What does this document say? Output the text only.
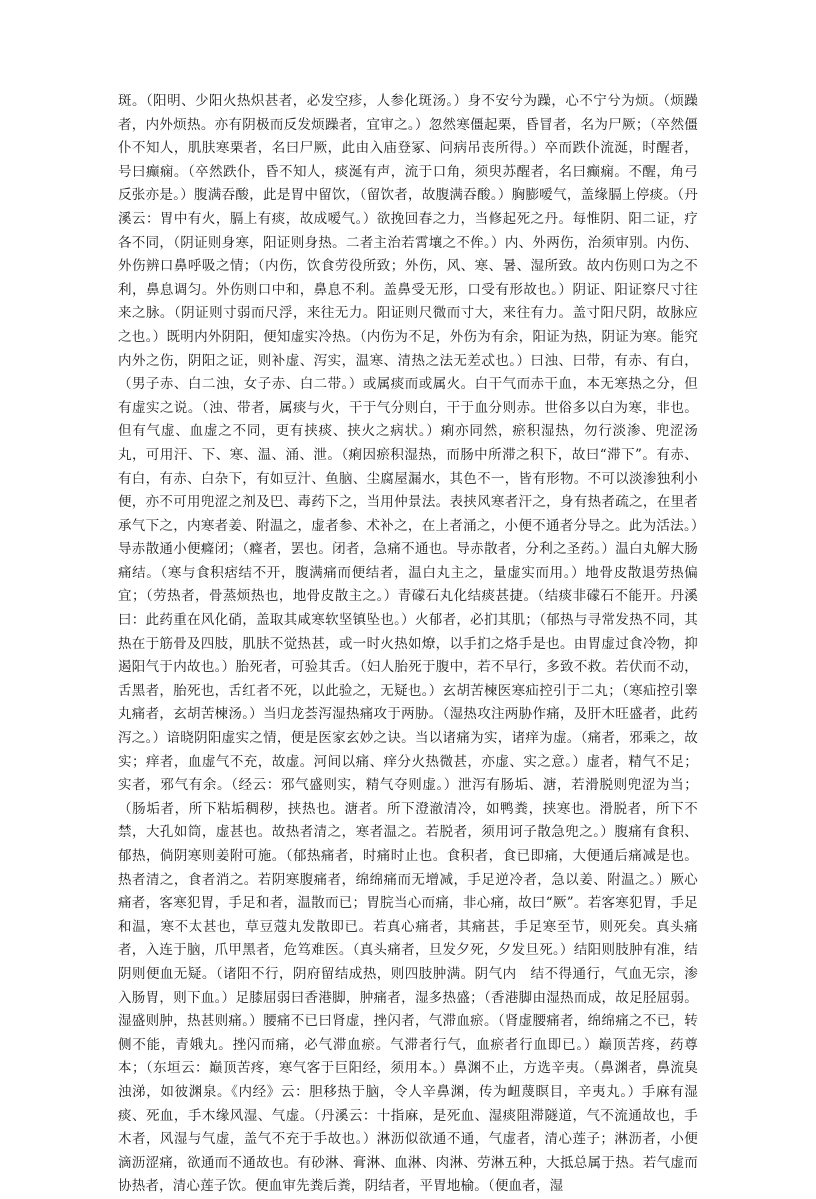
斑。（阳明、少阳火热炽甚者，必发空疹，人参化斑汤。）身不安兮为躁，心不宁兮为烦。（烦躁者，内外烦热。亦有阴极而反发烦躁者，宜审之。）忽然寒僵起栗，昏冒者，名为尸厥；（卒然僵仆不知人，肌肤寒栗者，名曰尸厥，此由入庙登冢、问病吊丧所得。）卒而跌仆流涎，时醒者，号曰癫痫。（卒然跌仆，昏不知人，痰涎有声，流于口角，须臾苏醒者，名曰癫痫。不醒，角弓反张亦是。）腹满吞酸，此是胃中留饮，（留饮者，故腹满吞酸。）胸膨嗳气，盖缘膈上停痰。（丹溪云：胃中有火，膈上有痰，故成嗳气。）欲挽回春之力，当修起死之丹。每惟阴、阳二证，疗各不同，（阴证则身寒，阳证则身热。二者主治若霄壤之不侔。）内、外两伤，治须审别。内伤、外伤辨口鼻呼吸之情；（内伤，饮食劳役所致；外伤，风、寒、暑、湿所致。故内伤则口为之不利，鼻息调匀。外伤则口中和，鼻息不利。盖鼻受无形，口受有形故也。）阴证、阳证察尺寸往来之脉。（阴证则寸弱而尺浮，来往无力。阳证则尺微而寸大，来往有力。盖寸阳尺阴，故脉应之也。）既明内外阴阳，便知虚实冷热。（内伤为不足，外伤为有余，阳证为热，阴证为寒。能究内外之伤，阴阳之证，则补虚、泻实，温寒、清热之法无差忒也。）曰浊、曰带，有赤、有白，（男子赤、白二浊，女子赤、白二带。）或属痰而或属火。白干气而赤干血，本无寒热之分，但有虚实之说。（浊、带者，属痰与火，干于气分则白，干于血分则赤。世俗多以白为寒，非也。但有气虚、血虚之不同，更有挟痰、挟火之病状。）痢亦同然，瘀积湿热，勿行淡渗、兜涩汤丸，可用汗、下、寒、温、涌、泄。（痢因瘀积湿热，而肠中所滞之积下，故曰“滞下”。有赤、有白，有赤、白杂下，有如豆汁、鱼脑、尘腐屋漏水，其色不一，皆有形物。不可以淡渗独利小便，亦不可用兜涩之剂及巴、毒药下之，当用仲景法。表挟风寒者汗之，身有热者疏之，在里者承气下之，内寒者姜、附温之，虚者参、术补之，在上者涌之，小便不通者分导之。此为活法。）导赤散通小便癃闭；（癃者，罢也。闭者，急痛不通也。导赤散者，分利之圣药。）温白丸解大肠痛结。（寒与食积痞结不开，腹满痛而便结者，温白丸主之，量虚实而用。）地骨皮散退劳热偏宜；（劳热者，骨蒸烦热也，地骨皮散主之。）青礞石丸化结痰甚捷。（结痰非礞石不能开。丹溪曰：此药重在风化硝，盖取其咸寒软坚镇坠也。）火郁者，必扪其肌；（郁热与寻常发热不同，其热在于筋骨及四肢，肌肤不觉热甚，或一时火热如燎，以手扪之烙手是也。由胃虚过食冷物，抑遏阳气于内故也。）胎死者，可验其舌。（妇人胎死于腹中，若不早行，多致不救。若伏而不动，舌黑者，胎死也，舌红者不死，以此验之，无疑也。）玄胡苦楝医寒疝控引于二丸；（寒疝控引睾丸痛者，玄胡苦楝汤。）当归龙荟泻湿热痛攻于两胁。（湿热攻注两胁作痛，及肝木旺盛者，此药泻之。）谙晓阴阳虚实之情，便是医家玄妙之诀。当以诸痛为实，诸痒为虚。（痛者，邪乘之，故实；痒者，血虚气不充，故虚。河间以痛、痒分火热微甚，亦虚、实之意。）虚者，精气不足；实者，邪气有余。（经云：邪气盛则实，精气夺则虚。）泄泻有肠垢、溏，若滑脱则兜涩为当；（肠垢者，所下粘垢稠秽，挟热也。溏者。所下澄澈清冷，如鸭粪，挟寒也。滑脱者，所下不禁，大孔如筒，虚甚也。故热者清之，寒者温之。若脱者，须用诃子散急兜之。）腹痛有食积、郁热，倘阴寒则姜附可施。（郁热痛者，时痛时止也。食积者，食已即痛，大便通后痛减是也。热者清之，食者消之。若阴寒腹痛者，绵绵痛而无增减，手足逆冷者，急以姜、附温之。）厥心痛者，客寒犯胃，手足和者，温散而已；胃脘当心而痛，非心痛，故曰“厥”。若客寒犯胃，手足和温，寒不太甚也，草豆蔻丸发散即已。若真心痛者，其痛甚，手足寒至节，则死矣。真头痛者，入连于脑，爪甲黑者，危笃难医。（真头痛者，旦发夕死，夕发旦死。）结阳则肢肿有准，结阴则便血无疑。（诸阳不行，阴府留结成热，则四肢肿满。阴气内　结不得通行，气血无宗，渗入肠胃，则下血。）足膝屈弱曰香港脚，肿痛者，湿多热盛；（香港脚由湿热而成，故足胫屈弱。湿盛则肿，热甚则痛。）腰痛不已曰肾虚，挫闪者，气滞血瘀。（肾虚腰痛者，绵绵痛之不已，转侧不能，青娥丸。挫闪而痛，必气滞血瘀。气滞者行气，血瘀者行血即已。）巅顶苦疼，药尊本；（东垣云：巅顶苦疼，寒气客于巨阳经，须用本。）鼻渊不止，方选辛夷。（鼻渊者，鼻流臭浊涕，如彼渊泉。《内经》云：胆移热于脑，令人辛鼻渊，传为衄蔑瞑目，辛夷丸。）手麻有湿痰、死血，手木缘风湿、气虚。（丹溪云：十指麻，是死血、湿痰阻滞隧道，气不流通故也，手木者，风湿与气虚，盖气不充于手故也。）淋沥似欲通不通，气虚者，清心莲子；淋沥者，小便滴沥涩痛，欲通而不通故也。有砂淋、膏淋、血淋、肉淋、劳淋五种，大抵总属于热。若气虚而协热者，清心莲子饮。便血审先粪后粪，阴结者，平胃地榆。（便血者，湿
